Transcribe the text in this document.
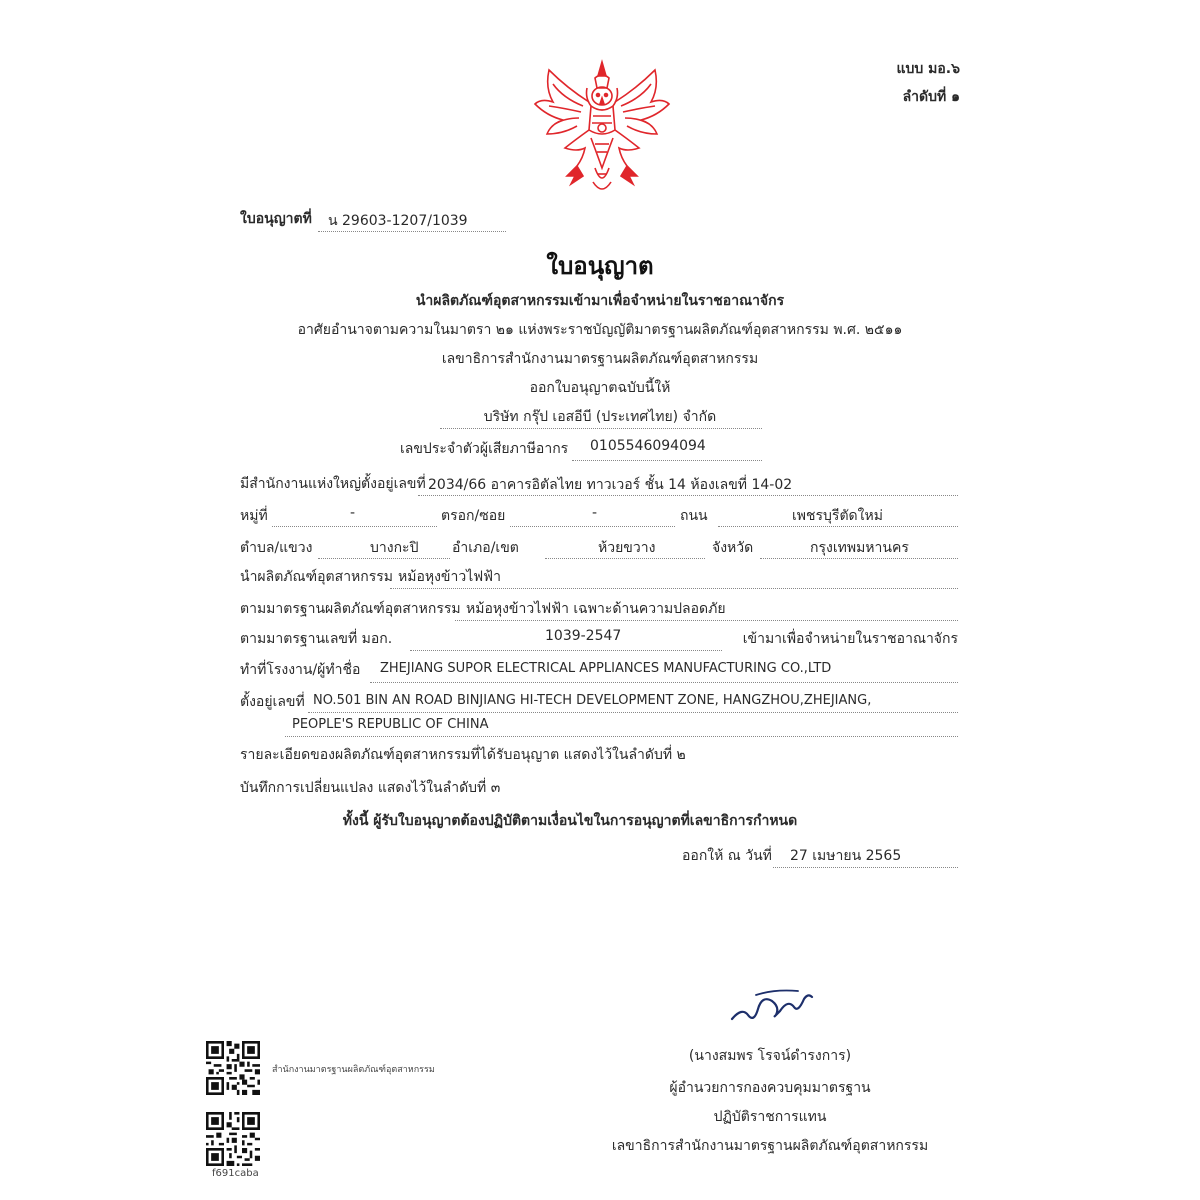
แบบ มอ.๖
ลำดับที่ ๑
ใบอนุญาตที่ น 29603-1207/1039
ใบอนุญาต
นำผลิตภัณฑ์อุตสาหกรรมเข้ามาเพื่อจำหน่ายในราชอาณาจักร
อาศัยอำนาจตามความในมาตรา ๒๑ แห่งพระราชบัญญัติมาตรฐานผลิตภัณฑ์อุตสาหกรรม พ.ศ. ๒๕๑๑
เลขาธิการสำนักงานมาตรฐานผลิตภัณฑ์อุตสาหกรรม
ออกใบอนุญาตฉบับนี้ให้
บริษัท กรุ๊ป เอสอีบี (ประเทศไทย) จำกัด
เลขประจำตัวผู้เสียภาษีอากร 0105546094094
มีสำนักงานแห่งใหญ่ตั้งอยู่เลขที่ 2034/66 อาคารอิตัลไทย ทาวเวอร์ ชั้น 14 ห้องเลขที่ 14-02
หมู่ที่	-	ตรอก/ซอย	-	ถนน	เพชรบุรีตัดใหม่
ตำบล/แขวง	บางกะปิ อำเภอ/เขต	ห้วยขวาง	จังหวัด	กรุงเทพมหานคร
นำผลิตภัณฑ์อุตสาหกรรม หม้อหุงข้าวไฟฟ้า
ตามมาตรฐานผลิตภัณฑ์อุตสาหกรรม หม้อหุงข้าวไฟฟ้า เฉพาะด้านความปลอดภัย
ตามมาตรฐานเลขที่ มอก.	1039-2547	เข้ามาเพื่อจำหน่ายในราชอาณาจักร
ทำที่โรงงาน/ผู้ทำชื่อ ZHEJIANG SUPOR ELECTRICAL APPLIANCES MANUFACTURING CO.,LTD
ตั้งอยู่เลขที่ NO.501 BIN AN ROAD BINJIANG HI-TECH DEVELOPMENT ZONE, HANGZHOU,ZHEJIANG,
PEOPLE'S REPUBLIC OF CHINA
รายละเอียดของผลิตภัณฑ์อุตสาหกรรมที่ได้รับอนุญาต แสดงไว้ในลำดับที่ ๒
บันทึกการเปลี่ยนแปลง แสดงไว้ในลำดับที่ ๓
ทั้งนี้ ผู้รับใบอนุญาตต้องปฏิบัติตามเงื่อนไขในการอนุญาตที่เลขาธิการกำหนด
ออกให้ ณ วันที่ 27 เมษายน 2565
(นางสมพร โรจน์ดำรงการ)
ผู้อำนวยการกองควบคุมมาตรฐาน
ปฏิบัติราชการแทน
เลขาธิการสำนักงานมาตรฐานผลิตภัณฑ์อุตสาหกรรม
สำนักงานมาตรฐานผลิตภัณฑ์อุตสาหกรรม
f691caba
